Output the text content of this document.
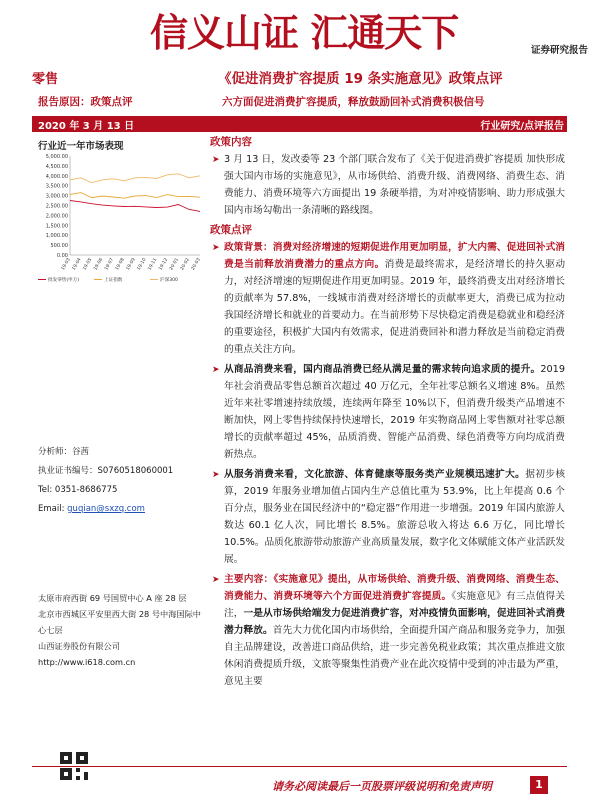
信义山证 汇通天下	证券研究报告
零售	《促进消费扩容提质 19 条实施意见》政策点评
报告原因：政策点评	六方面促进消费扩容提质，释放鼓励回补式消费积极信号
2020 年 3 月 13 日	行业研究/点评报告
行业近一年市场表现
5,000.00
4,500.00
4,000.00
3,500.00
3,000.00
2,500.00
2,000.00
1,500.00
1,000.00
500.00
0.00
19-03 19-04 19-05 19-06 19-07 19-08 19-09 19-10 19-11 19-12 20-01 20-02 20-03
批发零售(申万)	上证指数	沪深300
分析师：谷茜
执业证书编号：S0760518060001
Tel: 0351-8686775
Email: guqian@sxzq.com
太原市府西街 69 号国贸中心 A 座 28 层
北京市西城区平安里西大街 28 号中海国际中心七层
山西证券股份有限公司
http://www.i618.com.cn
政策内容
➤ 3 月 13 日，发改委等 23 个部门联合发布了《关于促进消费扩容提质 加快形成强大国内市场的实施意见》，从市场供给、消费升级、消费网络、消费生态、消费能力、消费环境等六方面提出 19 条硬举措，为对冲疫情影响、助力形成强大国内市场勾勒出一条清晰的路线图。
政策点评
➤ 政策背景：消费对经济增速的短期促进作用更加明显，扩大内需、促进回补式消费是当前释放消费潜力的重点方向。消费是最终需求，是经济增长的持久驱动力，对经济增速的短期促进作用更加明显。2019 年，最终消费支出对经济增长的贡献率为 57.8%，一线城市消费对经济增长的贡献率更大，消费已成为拉动我国经济增长和就业的首要动力。在当前形势下尽快稳定消费是稳就业和稳经济的重要途径，积极扩大国内有效需求，促进消费回补和潜力释放是当前稳定消费的重点关注方向。
➤ 从商品消费来看，国内商品消费已经从满足量的需求转向追求质的提升。2019 年社会消费品零售总额首次超过 40 万亿元，全年社零总额名义增速 8%。虽然近年来社零增速持续放缓，连续两年降至 10%以下，但消费升级类产品增速不断加快，网上零售持续保持快速增长，2019 年实物商品网上零售额对社零总额增长的贡献率超过 45%，品质消费、智能产品消费、绿色消费等方向均成消费新热点。
➤ 从服务消费来看，文化旅游、体育健康等服务类产业规模迅速扩大。据初步核算，2019 年服务业增加值占国内生产总值比重为 53.9%，比上年提高 0.6 个百分点，服务业在国民经济中的“稳定器”作用进一步增强。2019 年国内旅游人数达 60.1 亿人次，同比增长 8.5%。旅游总收入将达 6.6 万亿，同比增长 10.5%。品质化旅游带动旅游产业高质量发展，数字化文体赋能文体产业活跃发展。
➤ 主要内容：《实施意见》提出，从市场供给、消费升级、消费网络、消费生态、消费能力、消费环境等六个方面促进消费扩容提质。《实施意见》有三点值得关注，一是从市场供给端发力促进消费扩容，对冲疫情负面影响，促进回补式消费潜力释放。首先大力优化国内市场供给，全面提升国产商品和服务竞争力，加强自主品牌建设，改善进口商品供给，进一步完善免税业政策；其次重点推进文旅休闲消费提质升级，文旅等聚集性消费产业在此次疫情中受到的冲击最为严重，意见主要
请务必阅读最后一页股票评级说明和免责声明	1
